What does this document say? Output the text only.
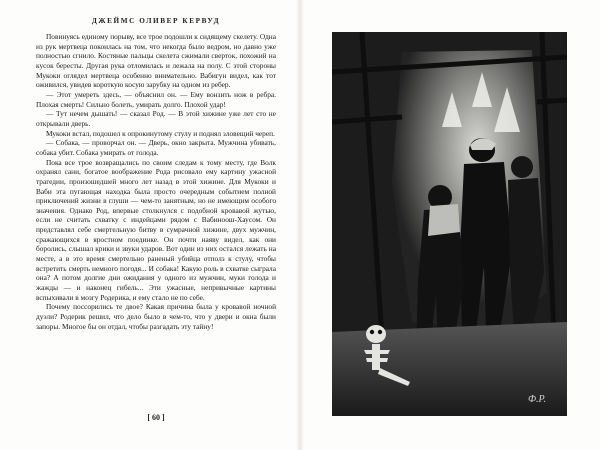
ДЖЕЙМС ОЛИВЕР КЕРВУД

Повинуясь единому порыву, все трое подошли к сидящему скелету. Одна из рук мертвеца покоилась на том, что некогда было ведром, но давно уже полностью сгнило. Костяные пальцы скелета сжимали сверток, похожий на кусок бересты. Другая рука отломилась и лежала на полу. С этой стороны Мукоки оглядел мертвеца особенно внимательно. Вабигун видел, как тот оживился, увидев короткую косую зарубку на одном из ребер.

— Этот умереть здесь, — объяснил он. — Ему вонзить нож в ребра. Плохая смерть! Сильно болеть, умирать долго. Плохой удар!

— Тут нечем дышать! — сказал Род. — В этой хижине уже лет сто не открывали дверь.

Мукоки встал, подошел к опрокинутому стулу и поднял зловещий череп.

— Собака, — проворчал он. — Дверь, окно закрыта. Мужчина убивать, собака убит. Собака умирать от голода.

Пока все трое возвращались по своим следам к тому месту, где Волк охранял сани, богатое воображение Рода рисовало ему картину ужасной трагедии, произошедшей много лет назад в этой хижине. Для Мукоки и Ваби эта пугающая находка была просто очередным событием полной приключений жизни в глуши — чем-то занятным, но не имеющим особого значения. Однако Род, впервые столкнулся с подобной кровавой жутью, если не считать схватку с индейцами рядом с Вабиноош-Хаусом. Он представлял себе смертельную битву в сумрачной хижине, двух мужчин, сражающихся в яростном поединке. Он почти наяву видел, как они боролись, слышал крики и звуки ударов. Вот один из них остался лежать на месте, а в это время смертельно раненый убийца отполз к стулу, чтобы встретить смерть немного погодя... И собака! Какую роль в схватке сыграла она? А потом долгие дни ожидания у одного из мужчин, муки голода и жажды — и наконец гибель... Эти ужасные, непривычные картины вспыхивали в мозгу Родерика, и ему стало не по себе.

Почему поссорились те двое? Какая причина была у кровавой ночной дуэли? Родерик решил, что дело было в чем-то, что у двери и окна были запоры. Многое бы он отдал, чтобы разгадать эту тайну!

[ 60 ]
Ф.Р.
